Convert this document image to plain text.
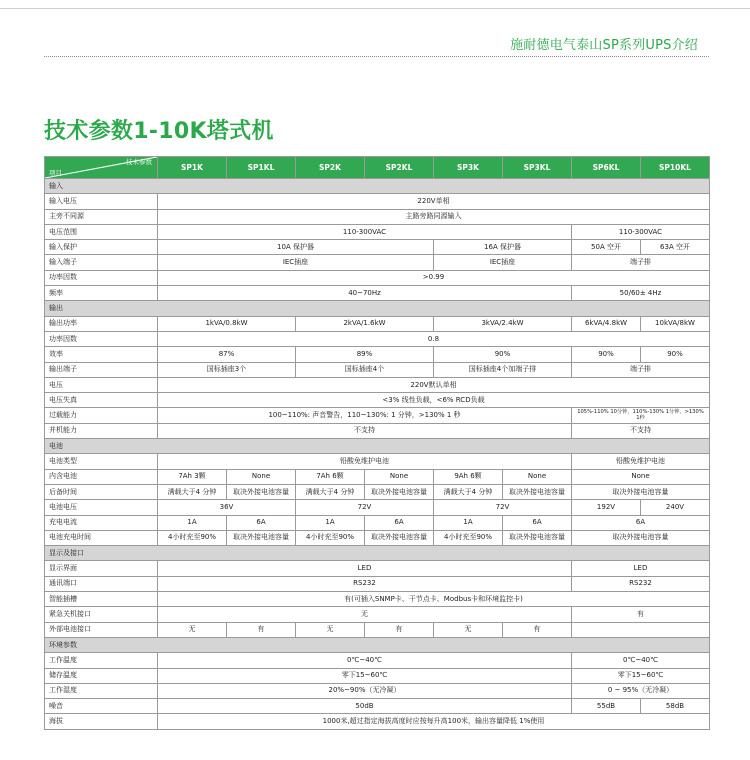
施耐德电气泰山SP系列UPS介绍
技术参数1-10K塔式机
技术参数
项目	SP1K	SP1KL	SP2K	SP2KL	SP3K	SP3KL	SP6KL	SP10KL
输入								
输入电压	220V单相							
主旁不同源	主路旁路同源输入							
电压范围	110-300VAC						110-300VAC	
输入保护	10A 保护器				16A 保护器		50A 空开	63A 空开
输入端子	IEC插座				IEC插座		端子排	
功率因数	>0.99							
频率	40~70Hz						50/60± 4Hz	
输出								
输出功率	1kVA/0.8kW		2kVA/1.6kW		3kVA/2.4kW		6kVA/4.8kW	10kVA/8kW
功率因数	0.8							
效率	87%		89%		90%		90%	90%
输出端子	国标插座3个		国标插座4个		国标插座4个加端子排		端子排	
电压	220V默认单相							
电压失真	<3% 线性负载，<6% RCD负载							
过载能力	100~110%: 声音警告，110~130%: 1 分钟，>130% 1 秒						105%-110% 10分钟，110%-130% 1分钟，>130% 1秒	
并机能力	不支持						不支持	
电池								
电池类型	铅酸免维护电池						铅酸免维护电池	
内含电池	7Ah 3颗	None	7Ah 6颗	None	9Ah 6颗	None	None	
后备时间	满载大于4 分钟	取决外接电池容量	满载大于4 分钟	取决外接电池容量	满载大于4 分钟	取决外接电池容量	取决外接电池容量	
电池电压	36V		72V		72V		192V	240V
充电电流	1A	6A	1A	6A	1A	6A	6A	
电池充电时间	4小时充至90%	取决外接电池容量	4小时充至90%	取决外接电池容量	4小时充至90%	取决外接电池容量	取决外接电池容量	
显示及接口								
显示界面	LED						LED	
通讯端口	RS232						RS232	
智能插槽	有(可插入SNMP卡、干节点卡、Modbus卡和环境监控卡)							
紧急关机接口	无						有	
外部电池接口	无	有	无	有	无	有		
环境参数								
工作温度	0℃~40℃						0℃~40℃	
储存温度	零下15~60℃						零下15~60℃	
工作湿度	20%~90%（无冷凝）						0 ~ 95%（无冷凝）	
噪音	50dB						55dB	58dB
海拔	1000米,超过指定海拔高度时应按每升高100米，输出容量降低 1%使用							
